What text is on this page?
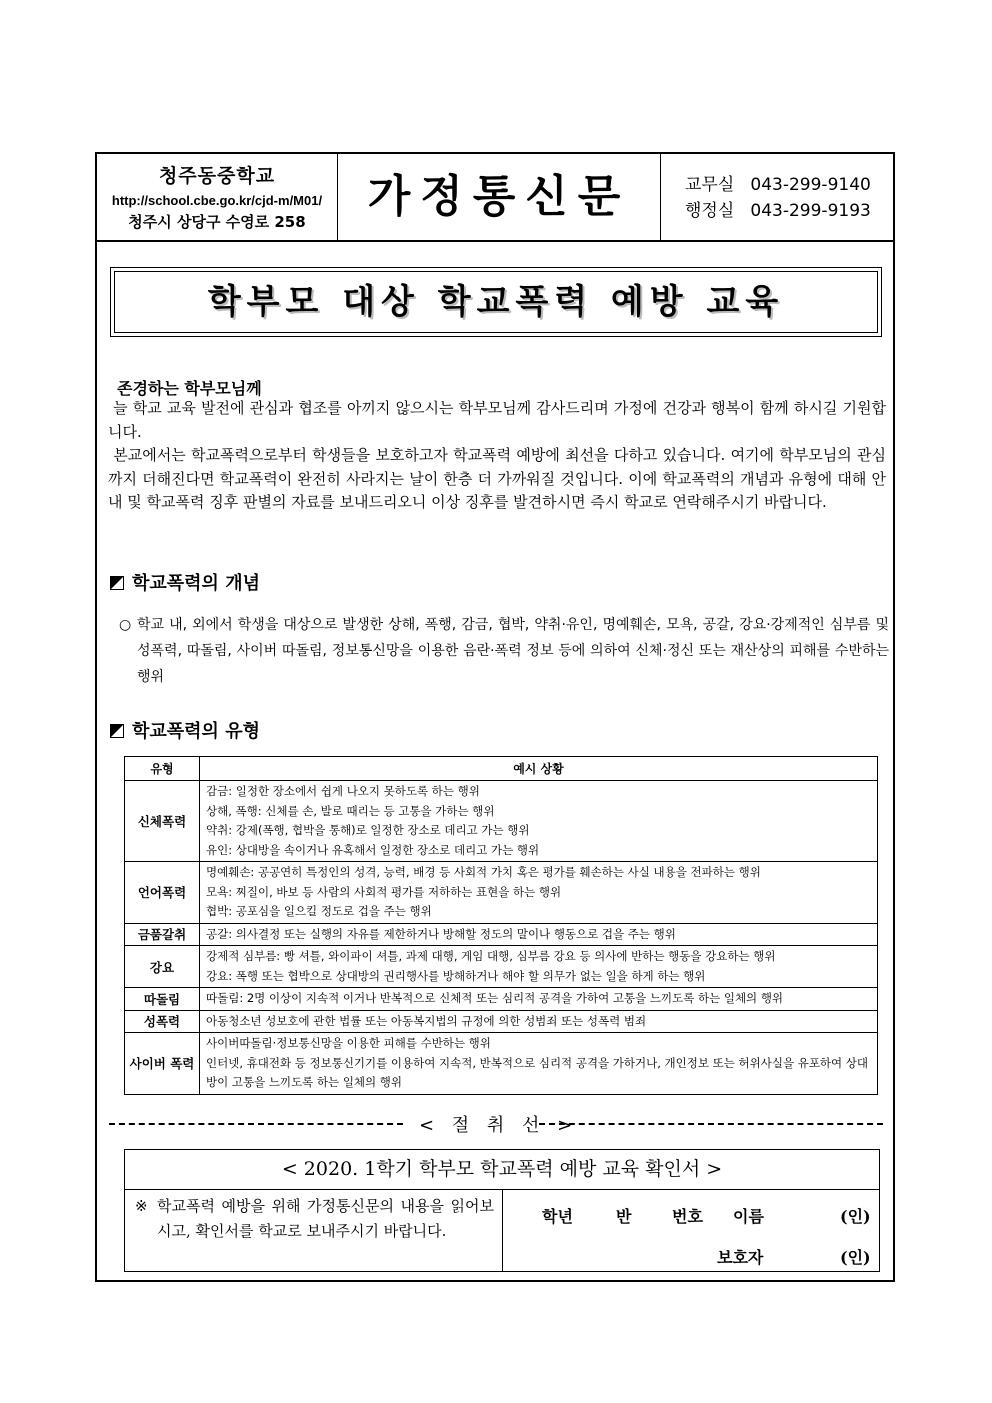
청주동중학교
http://school.cbe.go.kr/cjd-m/M01/
청주시 상당구 수영로 258	가정통신문	교무실 043-299-9140
행정실 043-299-9193
학부모 대상 학교폭력 예방 교육
존경하는 학부모님께
늘 학교 교육 발전에 관심과 협조를 아끼지 않으시는 학부모님께 감사드리며 가정에 건강과 행복이 함께 하시길 기원합니다.
본교에서는 학교폭력으로부터 학생들을 보호하고자 학교폭력 예방에 최선을 다하고 있습니다. 여기에 학부모님의 관심까지 더해진다면 학교폭력이 완전히 사라지는 날이 한층 더 가까워질 것입니다. 이에 학교폭력의 개념과 유형에 대해 안내 및 학교폭력 징후 판별의 자료를 보내드리오니 이상 징후를 발견하시면 즉시 학교로 연락해주시기 바랍니다.
학교폭력의 개념
○ 학교 내, 외에서 학생을 대상으로 발생한 상해, 폭행, 감금, 협박, 약취·유인, 명예훼손, 모욕, 공갈, 강요·강제적인 심부름 및 성폭력, 따돌림, 사이버 따돌림, 정보통신망을 이용한 음란·폭력 정보 등에 의하여 신체·정신 또는 재산상의 피해를 수반하는 행위
학교폭력의 유형
유형	예시 상황
신체폭력	감금: 일정한 장소에서 쉽게 나오지 못하도록 하는 행위
상해, 폭행: 신체를 손, 발로 때리는 등 고통을 가하는 행위
약취: 강제(폭행, 협박을 통해)로 일정한 장소로 데리고 가는 행위
유인: 상대방을 속이거나 유혹해서 일정한 장소로 데리고 가는 행위

언어폭력	명예훼손: 공공연히 특정인의 성격, 능력, 배경 등 사회적 가치 혹은 평가를 훼손하는 사실 내용을 전파하는 행위
모욕: 찌질이, 바보 등 사람의 사회적 평가를 저하하는 표현을 하는 행위
협박: 공포심을 일으킬 정도로 겁을 주는 행위

금품갈취	공갈: 의사결정 또는 실행의 자유를 제한하거나 방해할 정도의 말이나 행동으로 겁을 주는 행위

강요	강제적 심부름: 빵 셔틀, 와이파이 셔틀, 과제 대행, 게임 대행, 심부름 강요 등 의사에 반하는 행동을 강요하는 행위
강요: 폭행 또는 협박으로 상대방의 권리행사를 방해하거나 해야 할 의무가 없는 일을 하게 하는 행위

따돌림	따돌림: 2명 이상이 지속적 이거나 반복적으로 신체적 또는 심리적 공격을 가하여 고통을 느끼도록 하는 일체의 행위

성폭력	아동청소년 성보호에 관한 법률 또는 아동복지법의 규정에 의한 성범죄 또는 성폭력 범죄

사이버 폭력	사이버따돌림·정보통신망을 이용한 피해를 수반하는 행위
인터넷, 휴대전화 등 정보통신기기를 이용하여 지속적, 반복적으로 심리적 공격을 가하거나, 개인정보 또는 허위사실을 유포하여 상대방이 고통을 느끼도록 하는 일체의 행위
< 절 취 선 >
< 2020. 1학기 학부모 학교폭력 예방 교육 확인서 >
※ 학교폭력 예방을 위해 가정통신문의 내용을 읽어보시고, 확인서를 학교로 보내주시기 바랍니다.
학년	반	번호 이름	(인)
보호자	(인)
